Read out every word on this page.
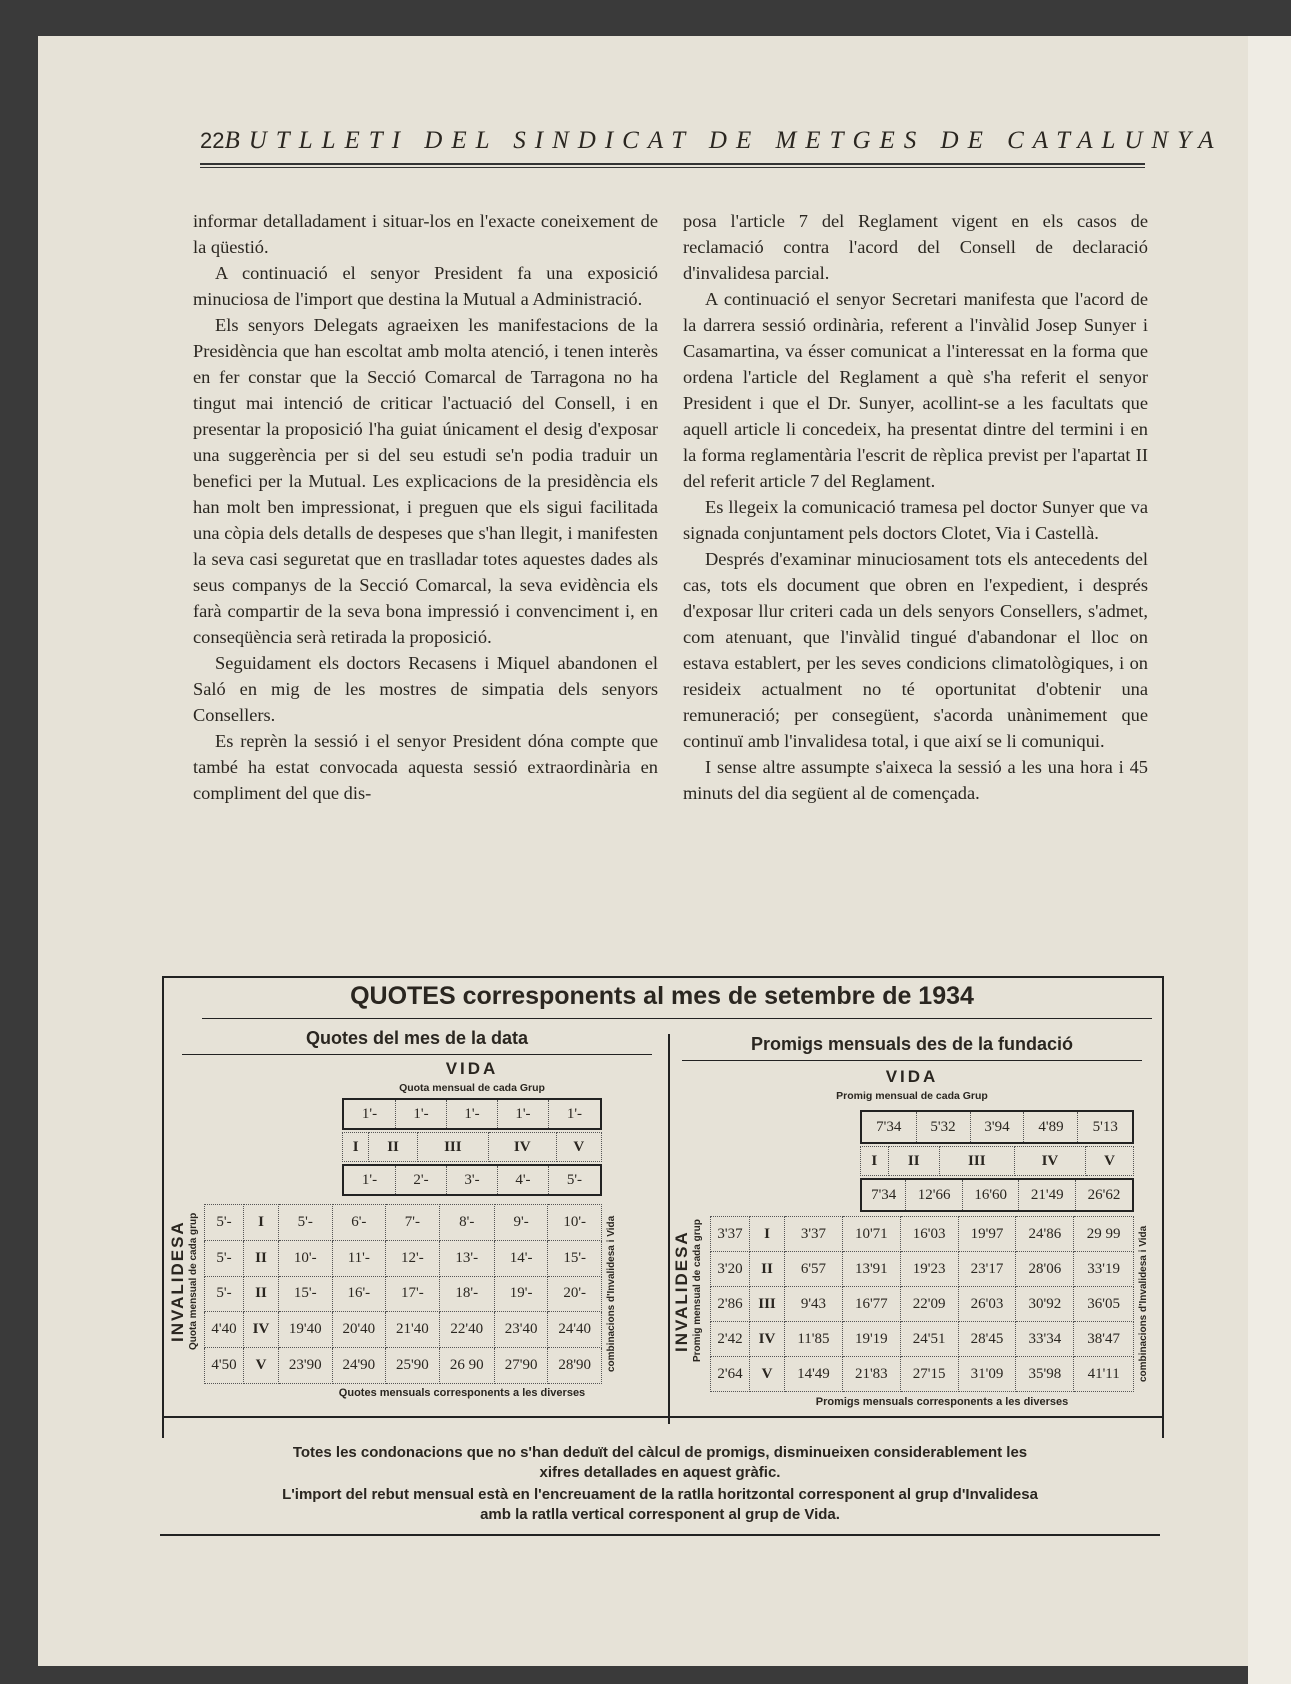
22 BUTLLETI DEL SINDICAT DE METGES DE CATALUNYA

informar detalladament i situar-los en l'exacte coneixement de la qüestió.

A continuació el senyor President fa una exposició minuciosa de l'import que destina la Mutual a Administració.

Els senyors Delegats agraeixen les manifestacions de la Presidència que han escoltat amb molta atenció, i tenen interès en fer constar que la Secció Comarcal de Tarragona no ha tingut mai intenció de criticar l'actuació del Consell, i en presentar la proposició l'ha guiat únicament el desig d'exposar una suggerència per si del seu estudi se'n podia traduir un benefici per la Mutual. Les explicacions de la presidència els han molt ben impressionat, i preguen que els sigui facilitada una còpia dels detalls de despeses que s'han llegit, i manifesten la seva casi seguretat que en traslladar totes aquestes dades als seus companys de la Secció Comarcal, la seva evidència els farà compartir de la seva bona impressió i convenciment i, en conseqüència serà retirada la proposició.

Seguidament els doctors Recasens i Miquel abandonen el Saló en mig de les mostres de simpatia dels senyors Consellers.

Es reprèn la sessió i el senyor President dóna compte que també ha estat convocada aquesta sessió extraordinària en compliment del que dis-

posa l'article 7 del Reglament vigent en els casos de reclamació contra l'acord del Consell de declaració d'invalidesa parcial.

A continuació el senyor Secretari manifesta que l'acord de la darrera sessió ordinària, referent a l'invàlid Josep Sunyer i Casamartina, va ésser comunicat a l'interessat en la forma que ordena l'article del Reglament a què s'ha referit el senyor President i que el Dr. Sunyer, acollint-se a les facultats que aquell article li concedeix, ha presentat dintre del termini i en la forma reglamentària l'escrit de rèplica previst per l'apartat II del referit article 7 del Reglament.

Es llegeix la comunicació tramesa pel doctor Sunyer que va signada conjuntament pels doctors Clotet, Via i Castellà.

Després d'examinar minuciosament tots els antecedents del cas, tots els document que obren en l'expedient, i després d'exposar llur criteri cada un dels senyors Consellers, s'admet, com atenuant, que l'invàlid tingué d'abandonar el lloc on estava establert, per les seves condicions climatològiques, i on resideix actualment no té oportunitat d'obtenir una remuneració; per consegüent, s'acorda unànimement que continuï amb l'invalidesa total, i que així se li comuniqui.

I sense altre assumpte s'aixeca la sessió a les una hora i 45 minuts del dia següent al de començada.

QUOTES corresponents al mes de setembre de 1934
Quotes del mes de la data
VIDA
Quota mensual de cada Grup
1'-	1'-	1'-	1'-	1'-
I	II	III	IV	V
1'-	2'-	3'-	4'-	5'-
INVALIDESA Quota mensual de cada grup 5'-	I	5'-	6'-	7'-	8'-	9'-	10'-
5'-	II	10'-	11'-	12'-	13'-	14'-	15'-
5'-	II	15'-	16'-	17'-	18'-	19'-	20'-
4'40	IV	19'40	20'40	21'40	22'40	23'40	24'40
4'50	V	23'90	24'90	25'90	26 90	27'90	28'90 combinacions d'Invalidesa i Vida
Quotes mensuals corresponents a les diverses
Promigs mensuals des de la fundació
VIDA
Promig mensual de cada Grup
7'34	5'32	3'94	4'89	5'13
I	II	III	IV	V
7'34	12'66	16'60	21'49	26'62
INVALIDESA Promig mensual de cada grup 3'37	I	3'37	10'71	16'03	19'97	24'86	29 99
3'20	II	6'57	13'91	19'23	23'17	28'06	33'19
2'86	III	9'43	16'77	22'09	26'03	30'92	36'05
2'42	IV	11'85	19'19	24'51	28'45	33'34	38'47
2'64	V	14'49	21'83	27'15	31'09	35'98	41'11 combinacions d'Invalidesa i Vida
Promigs mensuals corresponents a les diverses
Totes les condonacions que no s'han deduït del càlcul de promigs, disminueixen considerablement les
xifres detallades en aquest gràfic.
L'import del rebut mensual està en l'encreuament de la ratlla horitzontal corresponent al grup d'Invalidesa
amb la ratlla vertical corresponent al grup de Vida.
